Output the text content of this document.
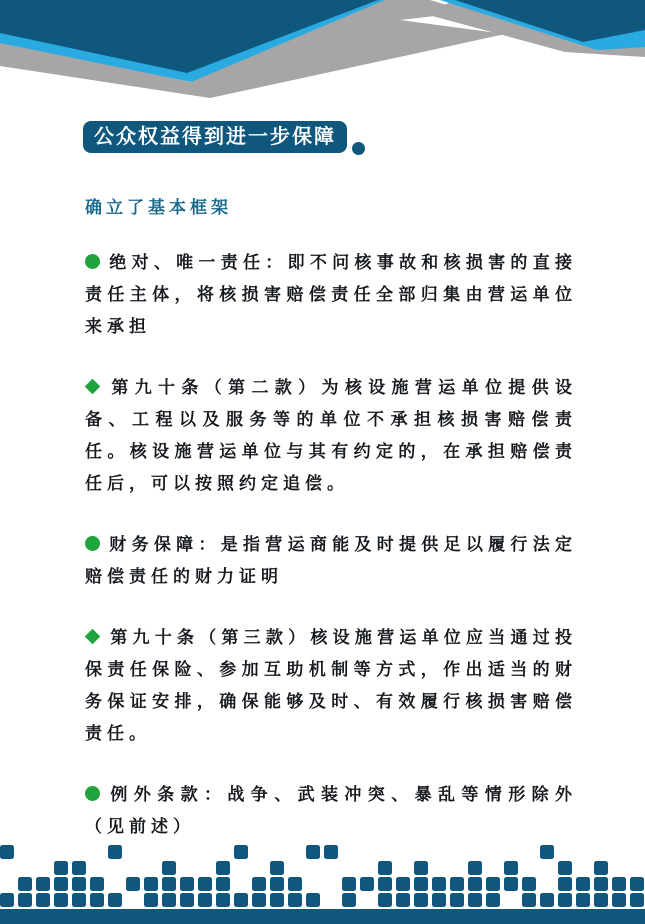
公众权益得到进一步保障
确立了基本框架

绝对、唯一责任：即不问核事故和核损害的直接责任主体，将核损害赔偿责任全部归集由营运单位来承担

第九十条（第二款）为核设施营运单位提供设备、工程以及服务等的单位不承担核损害赔偿责任。核设施营运单位与其有约定的，在承担赔偿责任后，可以按照约定追偿。

财务保障：是指营运商能及时提供足以履行法定赔偿责任的财力证明

第九十条（第三款）核设施营运单位应当通过投保责任保险、参加互助机制等方式，作出适当的财务保证安排，确保能够及时、有效履行核损害赔偿责任。

例外条款：战争、武装冲突、暴乱等情形除外（见前述）
